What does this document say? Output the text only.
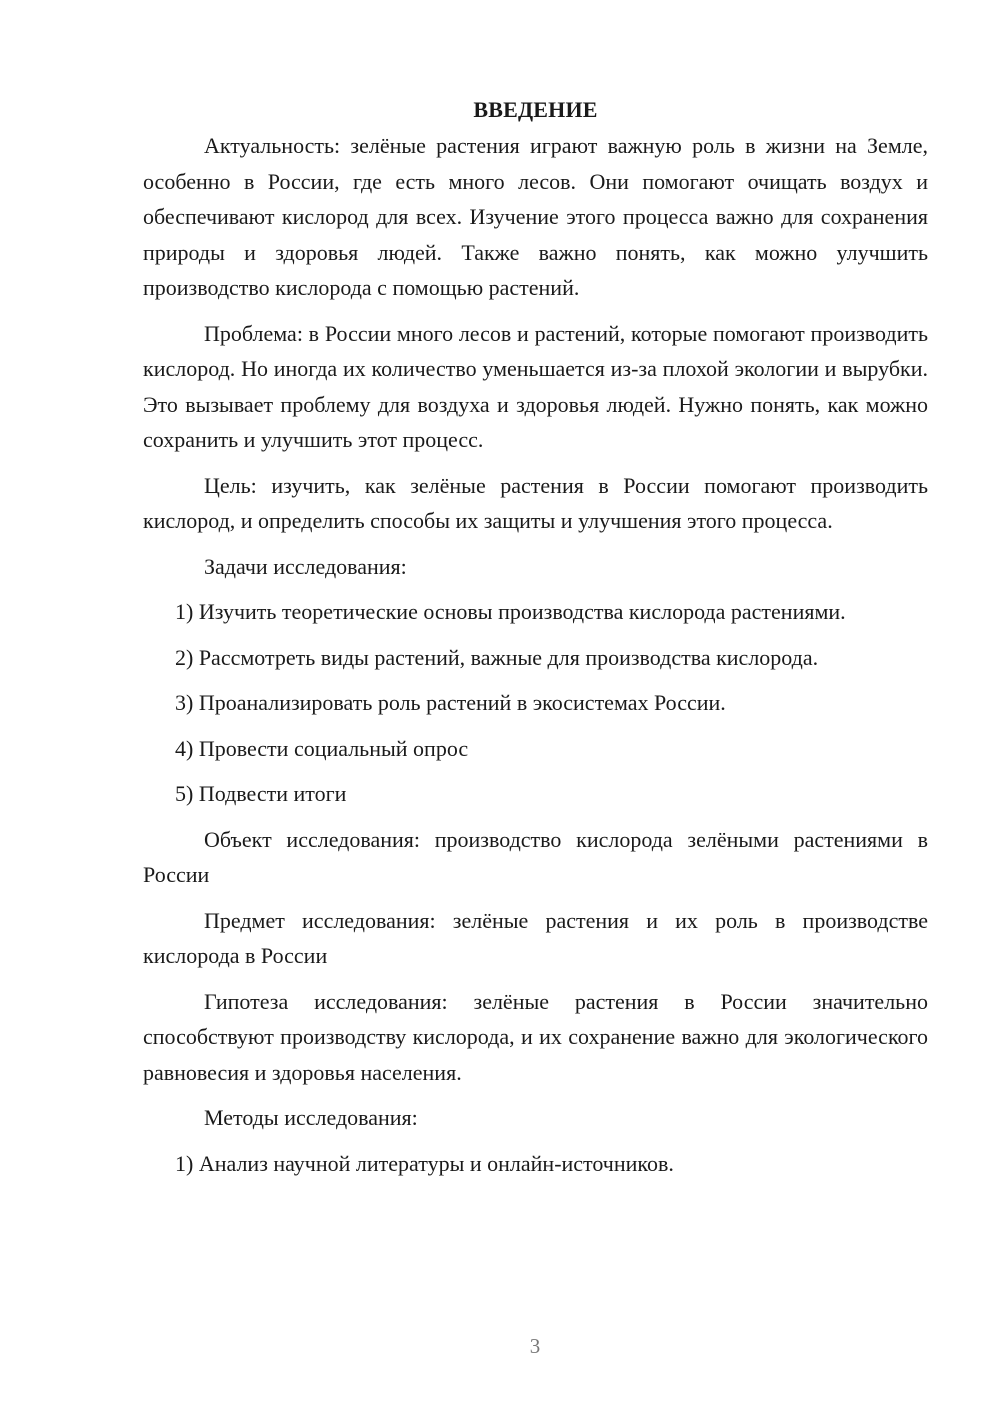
ВВЕДЕНИЕ

Актуальность: зелёные растения играют важную роль в жизни на Земле, особенно в России, где есть много лесов. Они помогают очищать воздух и обеспечивают кислород для всех. Изучение этого процесса важно для сохранения природы и здоровья людей. Также важно понять, как можно улучшить производство кислорода с помощью растений.

Проблема: в России много лесов и растений, которые помогают производить кислород. Но иногда их количество уменьшается из-за плохой экологии и вырубки. Это вызывает проблему для воздуха и здоровья людей. Нужно понять, как можно сохранить и улучшить этот процесс.

Цель: изучить, как зелёные растения в России помогают производить кислород, и определить способы их защиты и улучшения этого процесса.

Задачи исследования:

1) Изучить теоретические основы производства кислорода растениями.

2) Рассмотреть виды растений, важные для производства кислорода.

3) Проанализировать роль растений в экосистемах России.

4) Провести социальный опрос

5) Подвести итоги

Объект исследования: производство кислорода зелёными растениями в России

Предмет исследования: зелёные растения и их роль в производстве кислорода в России

Гипотеза исследования: зелёные растения в России значительно способствуют производству кислорода, и их сохранение важно для экологического равновесия и здоровья населения.

Методы исследования:

1) Анализ научной литературы и онлайн-источников.

3
